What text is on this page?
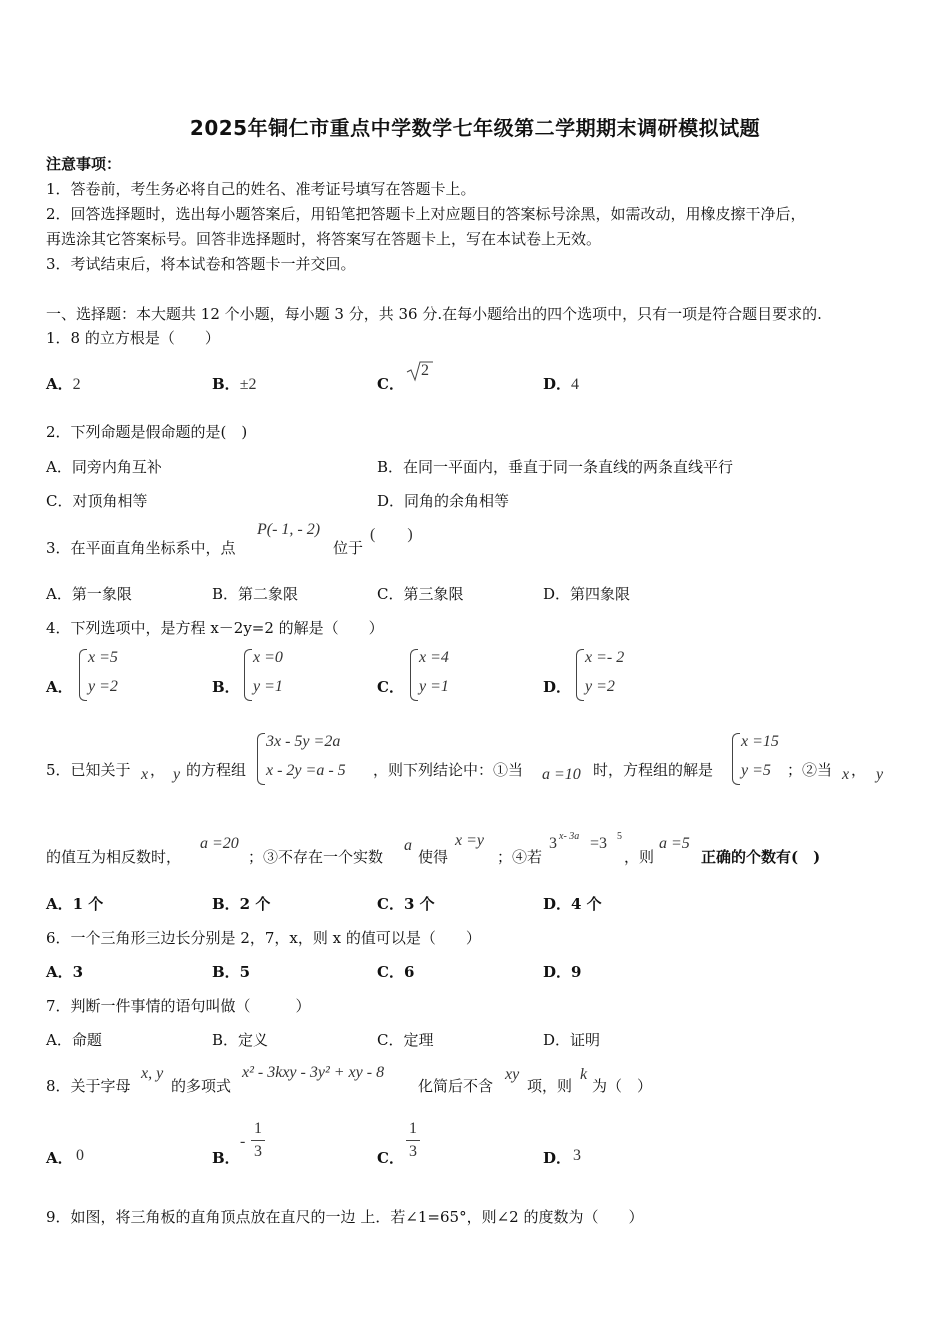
2025年铜仁市重点中学数学七年级第二学期期末调研模拟试题
注意事项：
1．答卷前，考生务必将自己的姓名、准考证号填写在答题卡上。
2．回答选择题时，选出每小题答案后，用铅笔把答题卡上对应题目的答案标号涂黑，如需改动，用橡皮擦干净后，
再选涂其它答案标号。回答非选择题时，将答案写在答题卡上，写在本试卷上无效。
3．考试结束后，将本试卷和答题卡一并交回。
一、选择题：本大题共 12 个小题，每小题 3 分，共 36 分.在每小题给出的四个选项中，只有一项是符合题目要求的.
1．8 的立方根是（　　）
A．2	B．±2	C．
2
D．4
2．下列命题是假命题的是(　)
A．同旁内角互补	B．在同一平面内，垂直于同一条直线的两条直线平行
C．对顶角相等	D．同角的余角相等
3．在平面直角坐标系中，点
P(- 1, - 2)
位于
(　　)
A．第一象限	B．第二象限	C．第三象限	D．第四象限
4．下列选项中，是方程 x－2y=2 的解是（　　）
A．
x =5
y =2	B．
x =0
y =1	C．
x =4
y =1	D．
x =- 2
y =2
5．已知关于 x ， y 的方程组
3x - 5y =2a
x - 2y =a - 5 ，则下列结论中：①当 a =10 时，方程组的解是
x =15
y =5 ；②当 x ， y
的值互为相反数时，
a =20
；③不存在一个实数
a
使得
x =y
；④若
3 x- 3a =3 5
，则
a =5
正确的个数有(　)
A．1 个	B．2 个	C．3 个	D．4 个
6．一个三角形三边长分别是 2，7，x，则 x 的值可以是（　　）
A．3	B．5	C．6	D．9
7．判断一件事情的语句叫做（　　　）
A．命题	B．定义	C．定理	D．证明
8．关于字母
x, y
的多项式
x² - 3kxy - 3y² + xy - 8
化简后不含
xy
项，则
k
为（　）
A． 0	B．
-
1
3	C．
1
3	D． 3
9．如图，将三角板的直角顶点放在直尺的一边 上．若∠1=65°，则∠2 的度数为（　　）
